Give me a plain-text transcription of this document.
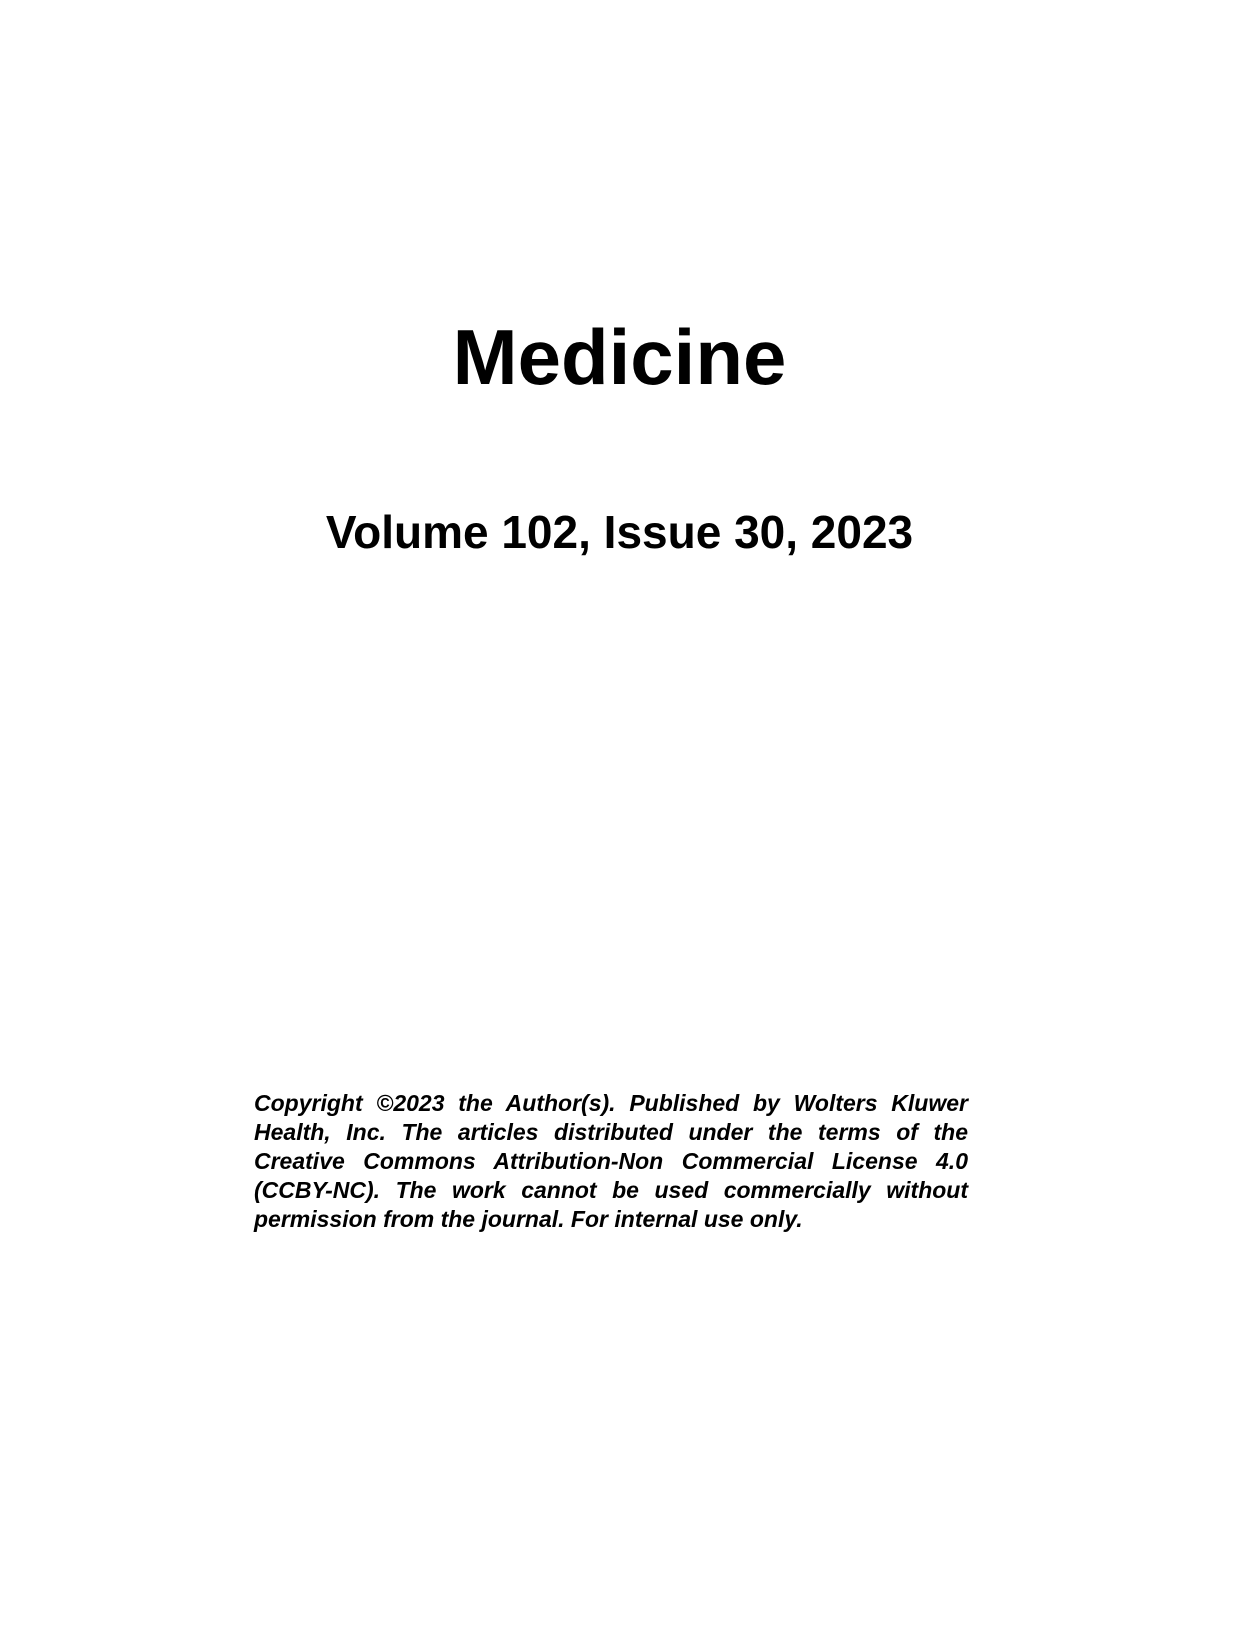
Medicine
Volume 102, Issue 30, 2023

Copyright ©2023 the Author(s). Published by Wolters Kluwer Health, Inc. The articles distributed under the terms of the Creative Commons Attribution-Non Commercial License 4.0 (CCBY-NC). The work cannot be used commercially without permission from the journal. For internal use only.
